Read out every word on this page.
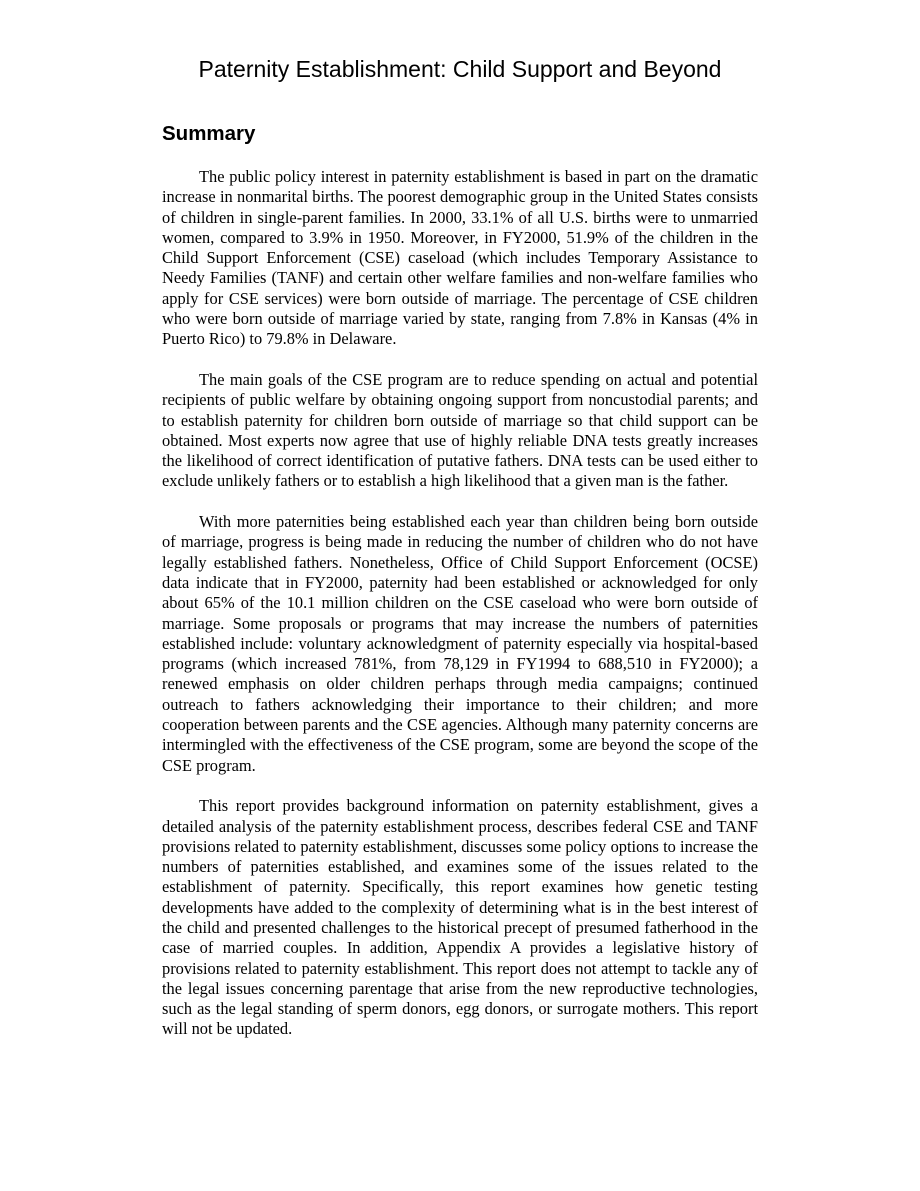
Paternity Establishment: Child Support and Beyond
Summary

The public policy interest in paternity establishment is based in part on the dramatic increase in nonmarital births. The poorest demographic group in the United States consists of children in single-parent families. In 2000, 33.1% of all U.S. births were to unmarried women, compared to 3.9% in 1950. Moreover, in FY2000, 51.9% of the children in the Child Support Enforcement (CSE) caseload (which includes Temporary Assistance to Needy Families (TANF) and certain other welfare families and non-welfare families who apply for CSE services) were born outside of marriage. The percentage of CSE children who were born outside of marriage varied by state, ranging from 7.8% in Kansas (4% in Puerto Rico) to 79.8% in Delaware.

The main goals of the CSE program are to reduce spending on actual and potential recipients of public welfare by obtaining ongoing support from noncustodial parents; and to establish paternity for children born outside of marriage so that child support can be obtained. Most experts now agree that use of highly reliable DNA tests greatly increases the likelihood of correct identification of putative fathers. DNA tests can be used either to exclude unlikely fathers or to establish a high likelihood that a given man is the father.

With more paternities being established each year than children being born outside of marriage, progress is being made in reducing the number of children who do not have legally established fathers. Nonetheless, Office of Child Support Enforcement (OCSE) data indicate that in FY2000, paternity had been established or acknowledged for only about 65% of the 10.1 million children on the CSE caseload who were born outside of marriage. Some proposals or programs that may increase the numbers of paternities established include: voluntary acknowledgment of paternity especially via hospital-based programs (which increased 781%, from 78,129 in FY1994 to 688,510 in FY2000); a renewed emphasis on older children perhaps through media campaigns; continued outreach to fathers acknowledging their importance to their children; and more cooperation between parents and the CSE agencies. Although many paternity concerns are intermingled with the effectiveness of the CSE program, some are beyond the scope of the CSE program.

This report provides background information on paternity establishment, gives a detailed analysis of the paternity establishment process, describes federal CSE and TANF provisions related to paternity establishment, discusses some policy options to increase the numbers of paternities established, and examines some of the issues related to the establishment of paternity. Specifically, this report examines how genetic testing developments have added to the complexity of determining what is in the best interest of the child and presented challenges to the historical precept of presumed fatherhood in the case of married couples. In addition, Appendix A provides a legislative history of provisions related to paternity establishment. This report does not attempt to tackle any of the legal issues concerning parentage that arise from the new reproductive technologies, such as the legal standing of sperm donors, egg donors, or surrogate mothers. This report will not be updated.
